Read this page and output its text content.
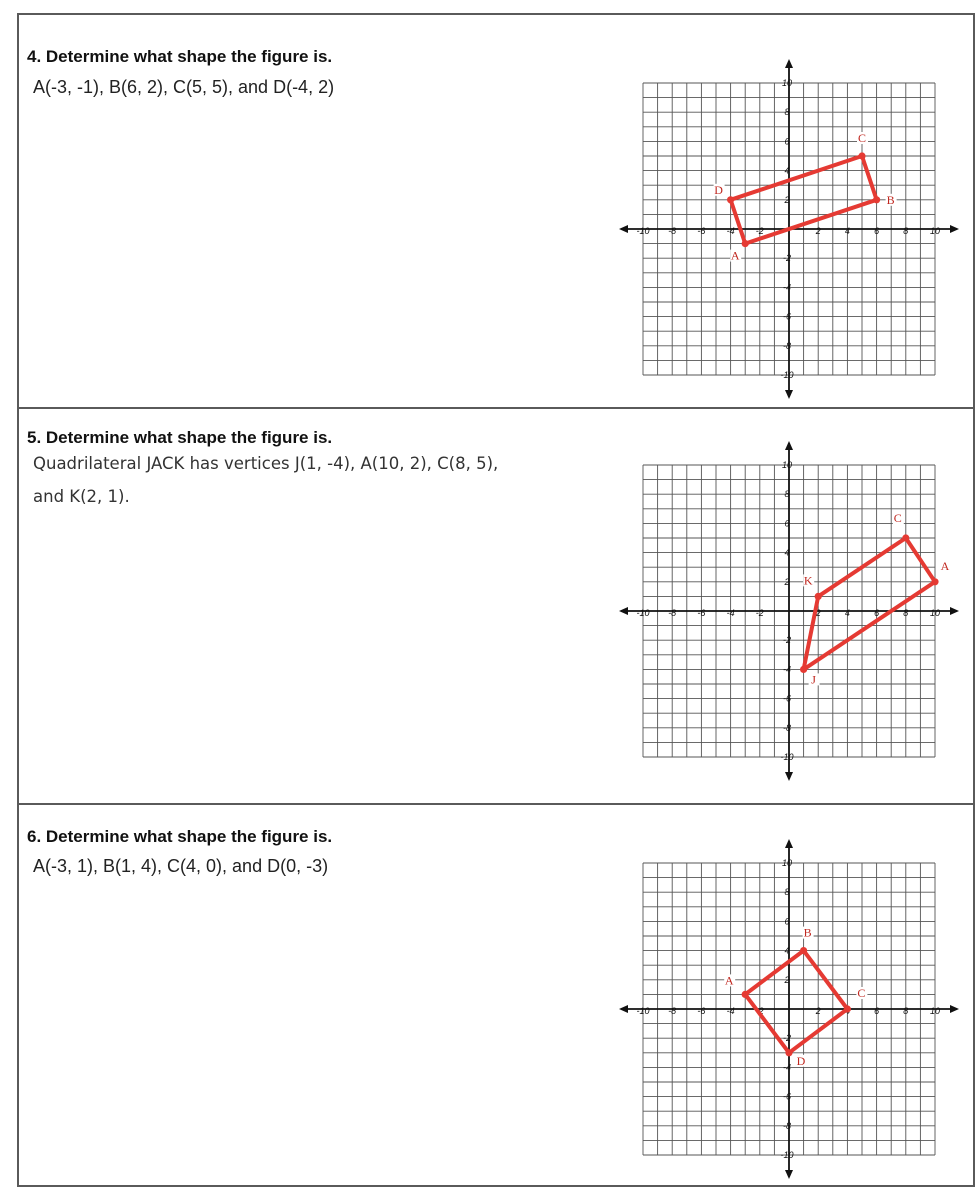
4. Determine what shape the figure is.
A(-3, -1), B(6, 2), C(5, 5), and D(-4, 2)
-10 -8 -6 -4 -2	2	4	6	8 10
10
8
6
4
2
-2
-4
-6
-8
-10
A
B
C
D
5. Determine what shape the figure is.
Quadrilateral JACK has vertices J(1, -4), A(10, 2), C(8, 5), and K(2, 1).
-10 -8 -6 -4 -2	2	4	6	8 10
10
8
6
4
2
-2
-4
-6
-8
-10
J
A
C
K
6. Determine what shape the figure is.
A(-3, 1), B(1, 4), C(4, 0), and D(0, -3)
-10 -8 -6 -4 -2	2	6	8 10
10
8
6
4
2
-2
-4
-6
-8
-10
A
B
C
D
